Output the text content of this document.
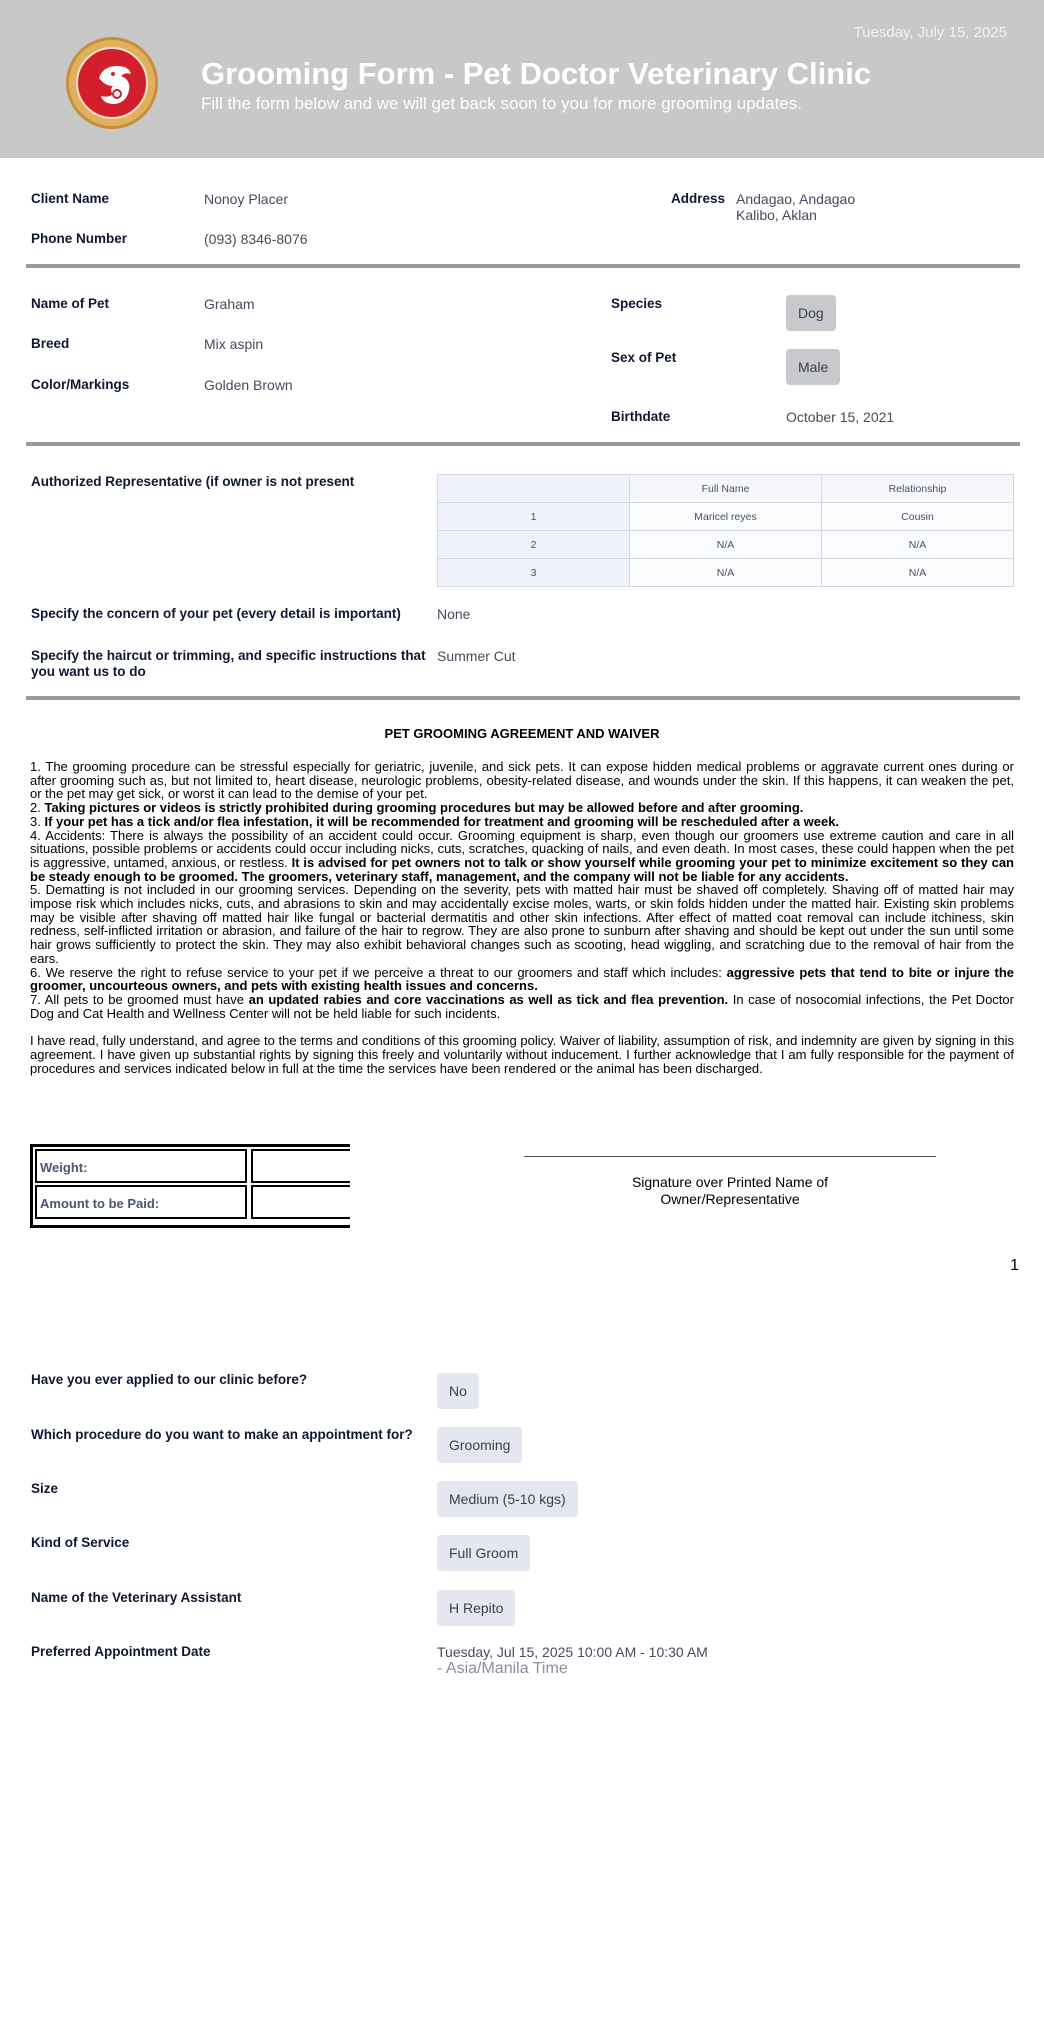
Tuesday, July 15, 2025
Grooming Form - Pet Doctor Veterinary Clinic
Fill the form below and we will get back soon to you for more grooming updates.
Client Name	Nonoy Placer	Address Andagao, Andagao
Kalibo, Aklan
Phone Number	(093) 8346-8076
Name of Pet	Graham
Breed	Mix aspin
Color/Markings	Golden Brown
Species
Dog
Sex of Pet
Male
Birthdate	October 15, 2021
Authorized Representative (if owner is not present
		Full Name	Relationship
1	Maricel reyes	Cousin
2	N/A	N/A
3	N/A	N/A
Specify the concern of your pet (every detail is important)	None
Specify the haircut or trimming, and specific instructions that
you want us to do
Summer Cut
PET GROOMING AGREEMENT AND WAIVER

1. The grooming procedure can be stressful especially for geriatric, juvenile, and sick pets. It can expose hidden medical problems or aggravate current ones during or after grooming such as, but not limited to, heart disease, neurologic problems, obesity-related disease, and wounds under the skin. If this happens, it can weaken the pet, or the pet may get sick, or worst it can lead to the demise of your pet.

2. Taking pictures or videos is strictly prohibited during grooming procedures but may be allowed before and after grooming.

3. If your pet has a tick and/or flea infestation, it will be recommended for treatment and grooming will be rescheduled after a week.

4. Accidents: There is always the possibility of an accident could occur. Grooming equipment is sharp, even though our groomers use extreme caution and care in all situations, possible problems or accidents could occur including nicks, cuts, scratches, quacking of nails, and even death. In most cases, these could happen when the pet is aggressive, untamed, anxious, or restless. It is advised for pet owners not to talk or show yourself while grooming your pet to minimize excitement so they can be steady enough to be groomed. The groomers, veterinary staff, management, and the company will not be liable for any accidents.

5. Dematting is not included in our grooming services. Depending on the severity, pets with matted hair must be shaved off completely. Shaving off of matted hair may impose risk which includes nicks, cuts, and abrasions to skin and may accidentally excise moles, warts, or skin folds hidden under the matted hair. Existing skin problems may be visible after shaving off matted hair like fungal or bacterial dermatitis and other skin infections. After effect of matted coat removal can include itchiness, skin redness, self-inflicted irritation or abrasion, and failure of the hair to regrow. They are also prone to sunburn after shaving and should be kept out under the sun until some hair grows sufficiently to protect the skin. They may also exhibit behavioral changes such as scooting, head wiggling, and scratching due to the removal of hair from the ears.

6. We reserve the right to refuse service to your pet if we perceive a threat to our groomers and staff which includes: aggressive pets that tend to bite or injure the groomer, uncourteous owners, and pets with existing health issues and concerns.

7. All pets to be groomed must have an updated rabies and core vaccinations as well as tick and flea prevention. In case of nosocomial infections, the Pet Doctor Dog and Cat Health and Wellness Center will not be held liable for such incidents.

I have read, fully understand, and agree to the terms and conditions of this grooming policy. Waiver of liability, assumption of risk, and indemnity are given by signing in this agreement. I have given up substantial rights by signing this freely and voluntarily without inducement. I further acknowledge that I am fully responsible for the payment of procedures and services indicated below in full at the time the services have been rendered or the animal has been discharged.

Weight:
Amount to be Paid:
Signature over Printed Name of
Owner/Representative
1
Have you ever applied to our clinic before?
No
Which procedure do you want to make an appointment for?
Grooming
Size
Medium (5-10 kgs)
Kind of Service
Full Groom
Name of the Veterinary Assistant
H Repito
Preferred Appointment Date	Tuesday, Jul 15, 2025 10:00 AM - 10:30 AM
- Asia/Manila Time
